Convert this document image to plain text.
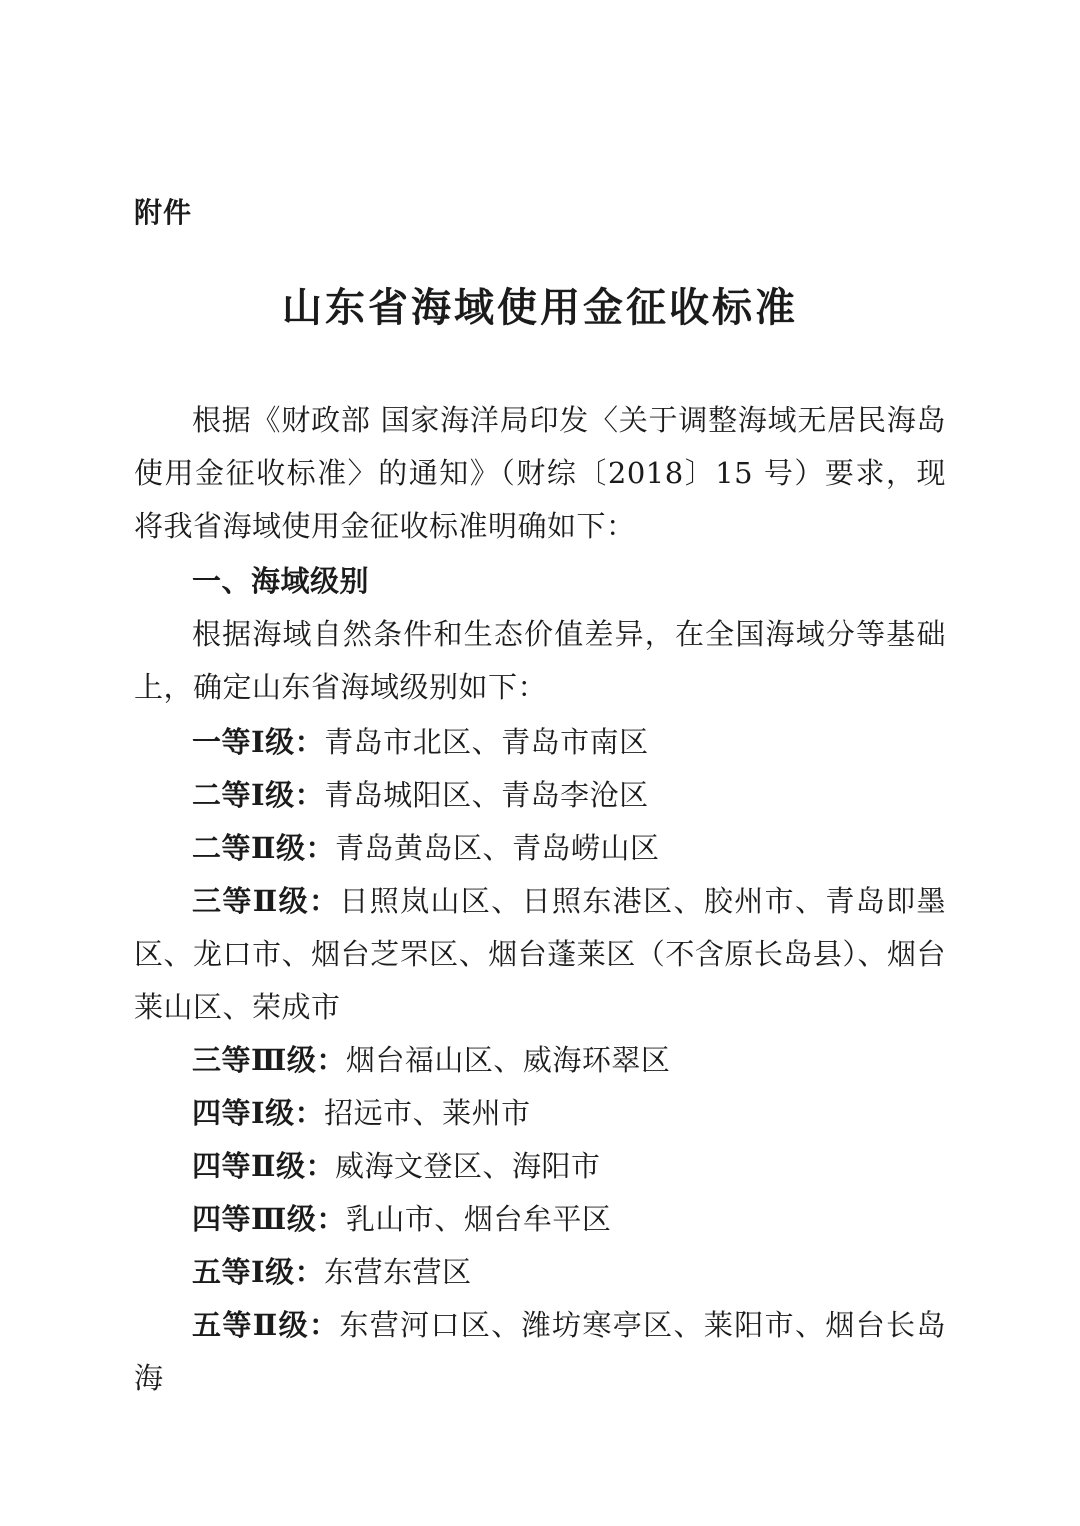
附件
山东省海域使用金征收标准

根据《财政部 国家海洋局印发〈关于调整海域无居民海岛使用金征收标准〉的通知》（财综〔2018〕15 号）要求，现将我省海域使用金征收标准明确如下：

一、海域级别

根据海域自然条件和生态价值差异，在全国海域分等基础上，确定山东省海域级别如下：

一等Ⅰ级：青岛市北区、青岛市南区

二等Ⅰ级：青岛城阳区、青岛李沧区

二等Ⅱ级：青岛黄岛区、青岛崂山区

三等Ⅱ级：日照岚山区、日照东港区、胶州市、青岛即墨区、龙口市、烟台芝罘区、烟台蓬莱区（不含原长岛县）、烟台莱山区、荣成市

三等Ⅲ级：烟台福山区、威海环翠区

四等Ⅰ级：招远市、莱州市

四等Ⅱ级：威海文登区、海阳市

四等Ⅲ级：乳山市、烟台牟平区

五等Ⅰ级：东营东营区

五等Ⅱ级：东营河口区、潍坊寒亭区、莱阳市、烟台长岛海
